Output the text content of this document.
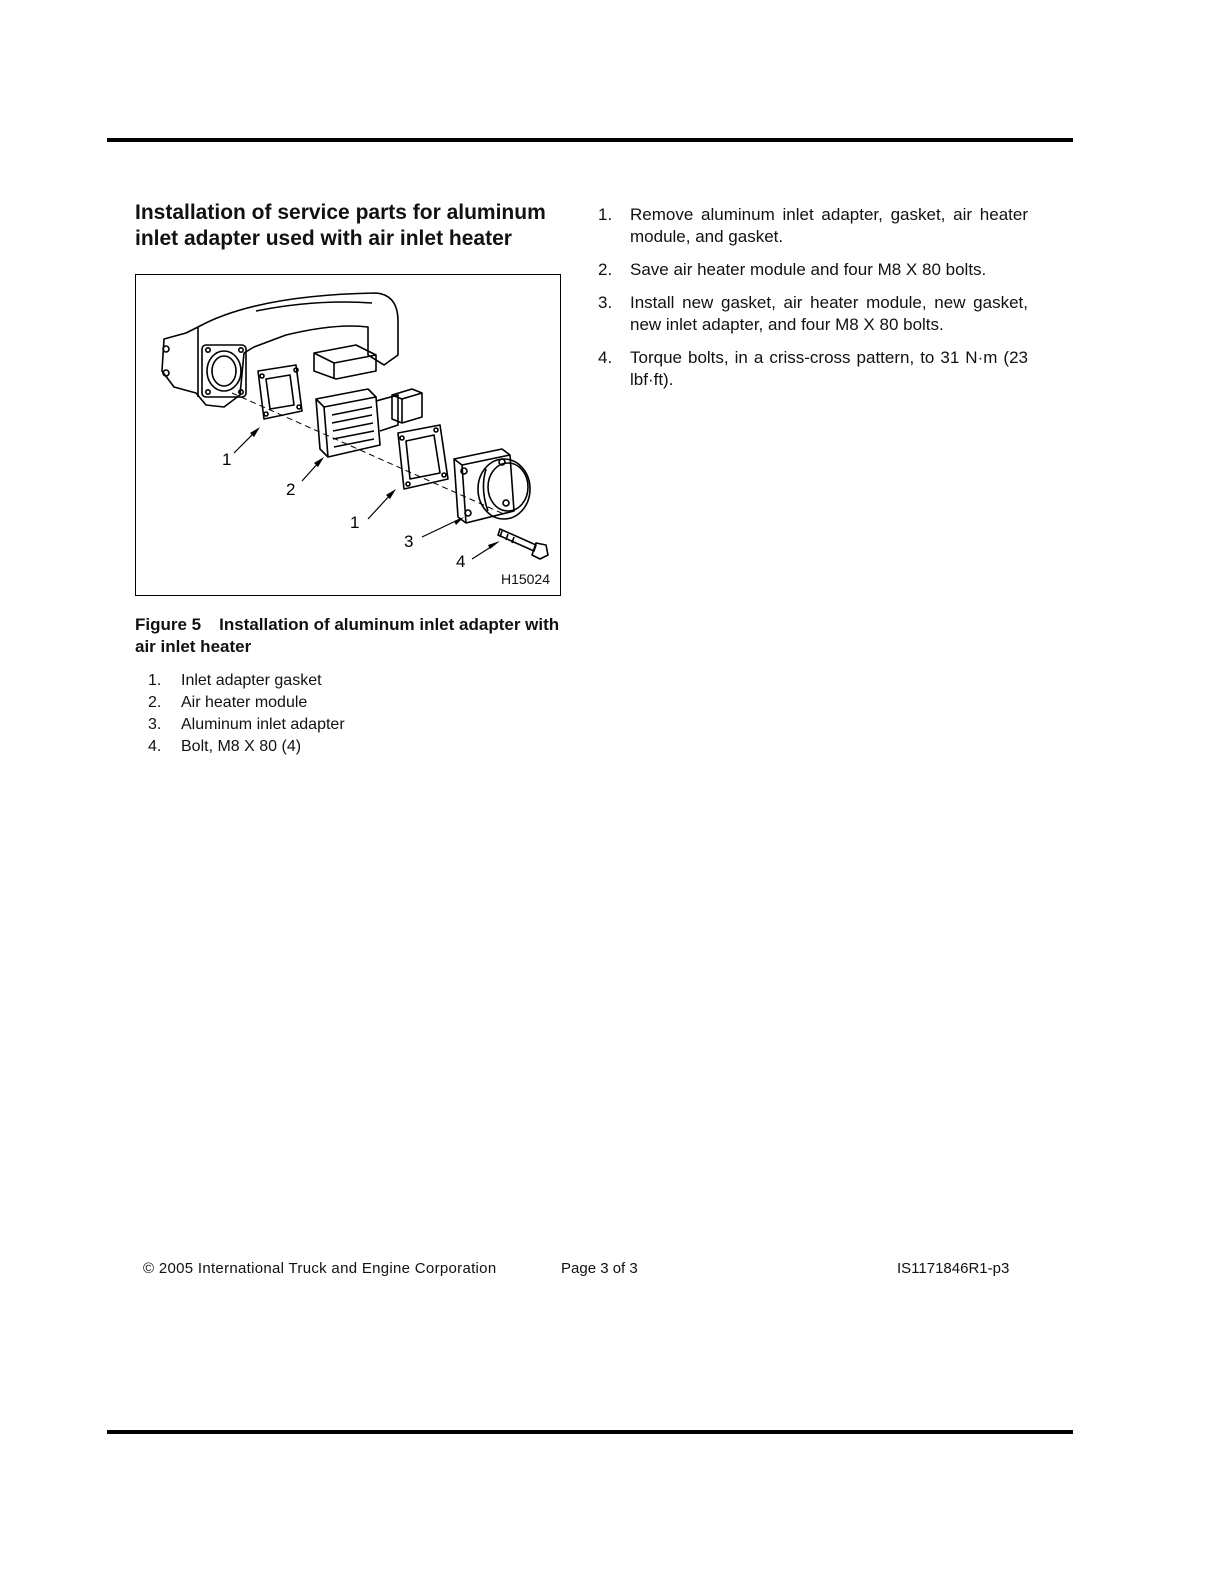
Installation of service parts for aluminum inlet adapter used with air inlet heater
1
2
1
3
4
H15024

Figure 5 Installation of aluminum inlet adapter with air inlet heater

1.	Inlet adapter gasket
2.	Air heater module
3.	Aluminum inlet adapter
4.	Bolt, M8 X 80 (4)
1.	Remove aluminum inlet adapter, gasket, air heater module, and gasket.
2.	Save air heater module and four M8 X 80 bolts.
3.	Install new gasket, air heater module, new gasket, new inlet adapter, and four M8 X 80 bolts.
4.	Torque bolts, in a criss-cross pattern, to 31 N·m (23 lbf·ft).
© 2005 International Truck and Engine Corporation	Page 3 of 3	IS1171846R1-p3
